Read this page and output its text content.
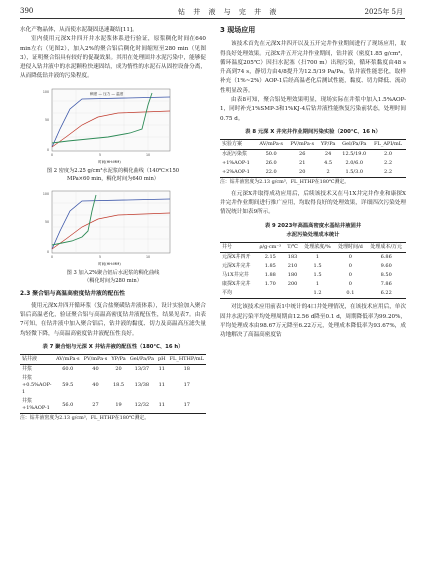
390	钻 井 液 与 完 井 液	2025年 5月

水化产物晶体，从而使水泥凝固迅速凝结[11]。

室内使用元深X井四开井水泥浆体系进行验证，原浆稠化时间在640 min左右（见图2），加入2%的聚合铝后稠化时间缩短至280 min（见图3），证明聚合铝具有较好的促凝效果。其用在处理固井水泥污染中，能够促进侵入钻井液中的水泥颗粒快速固结，成为惰性的水泥石从固控设备分离，从而降低钻井液的污染程度。

100
50
0
0	5	10
稠度 — 压力 — 温度
时间(HH:MM)
图 2 密度为2.25 g/cm³水泥浆的稠化曲线（140℃×150
MPa×60 min，稠化时间为640 min）
100
50
0
0	5	10
时间(HH:MM)
图 3 加入2%聚合铝后水泥浆的稠化曲线
（稠化时间为280 min）
2.3 聚合铝与高温高密度钻井液的配伍性

使用元深X井四开循环浆（复合盐聚磺钻井液体系），设计实验加入聚合铝后高温老化，验证聚合铝与高温高密度钻井液配伍性，结果见表7。由表7可知，在钻井液中加入聚合铝后，钻井液的黏度、切力及高温高压滤失量均轻微下降，与高温高密度钻井液配伍性良好。

表 7 聚合铝与元深 X 井钻井液的配伍性（180℃、16 h）
钻井液	AV/mPa·s	PV/mPa·s	YP/Pa	Gel/Pa/Pa	pH	FL_HTHP/mL
井浆	60.0	40	20	13/37	11	18
井浆+0.5%AOP-1	59.5	40	18.5	13/38	11	17
井浆+1%AOP-1	56.0	27	19	12/32	11	17
注：钻井液密度为2.13 g/cm³，FL_HTHP在180℃测定。
3 现场应用

该技术首先在元深X井四开以及五开完井作业期间进行了现场应用，取得良好处理效果。元深X井五开完井作业期间，钻井液（密度1.85 g/cm³，循环温度205℃）因扫水泥塞（扫700 m）出现污染，循环浆黏度由48 s升高到74 s，静切力由4/8提升为12.5/19 Pa/Pa，钻井液性能恶化，取样补充（1%~2%）AOP-1后经高温老化后测试性能，黏度、切力降低、流动性明显改善。

由表8可知，聚合铝处理效果明显，现场实际在井浆中加入1.5%AOP-1，同时补充1%SMP-3和1%KJ-4后钻井液性能恢复污染前状态，处理时间0.75 d。

表 8 元深 X 井完井作业期间污染实验（200℃、16 h）
实验方案	AV/mPa·s	PV/mPa·s	YP/Pa	Gel/Pa/Pa	FL_API/mL
水泥污染浆	50.0	26	24	12.5/19.0	2.0
+1%AOP-1	26.0	21	4.5	2.0/6.0	2.2
+2%AOP-1	22.0	20	2	1.5/3.0	2.2
注：钻井液密度为2.13 g/cm³，FL_HTHP在180℃测定。

在元深X井取得成功应用后，后续该技术又在马1X井完井作业和康探X井完井作业期间进行推广应用，均取得良好的处理效果，详细四次污染处理情况统计如表9所示。

表 9 2023年高温高密度水基钻井液固井
水泥污染处理成本统计
井号	ρ/g·cm⁻³	T/℃	处理浓度/%	处理时间/d	处理成本/万元
元深X井四开	2.15	183	1	0	6.86
元深X井完井	1.85	210	1.5	0	9.60
马1X井完井	1.88	180	1.5	0	8.50
康探X井完井	1.70	200	1	0	7.86
平均			1.2	0.1	6.22

对比该技术应用前表1中统计的4口井处理情况，在该技术应用后，单次固井水泥污染平均处理周期由12.56 d降至0.1 d，周期降低率为99.20%，平均处理成本由98.67万元降至6.22万元，处理成本降低率为93.67%，成功地解决了高温高密度钻
